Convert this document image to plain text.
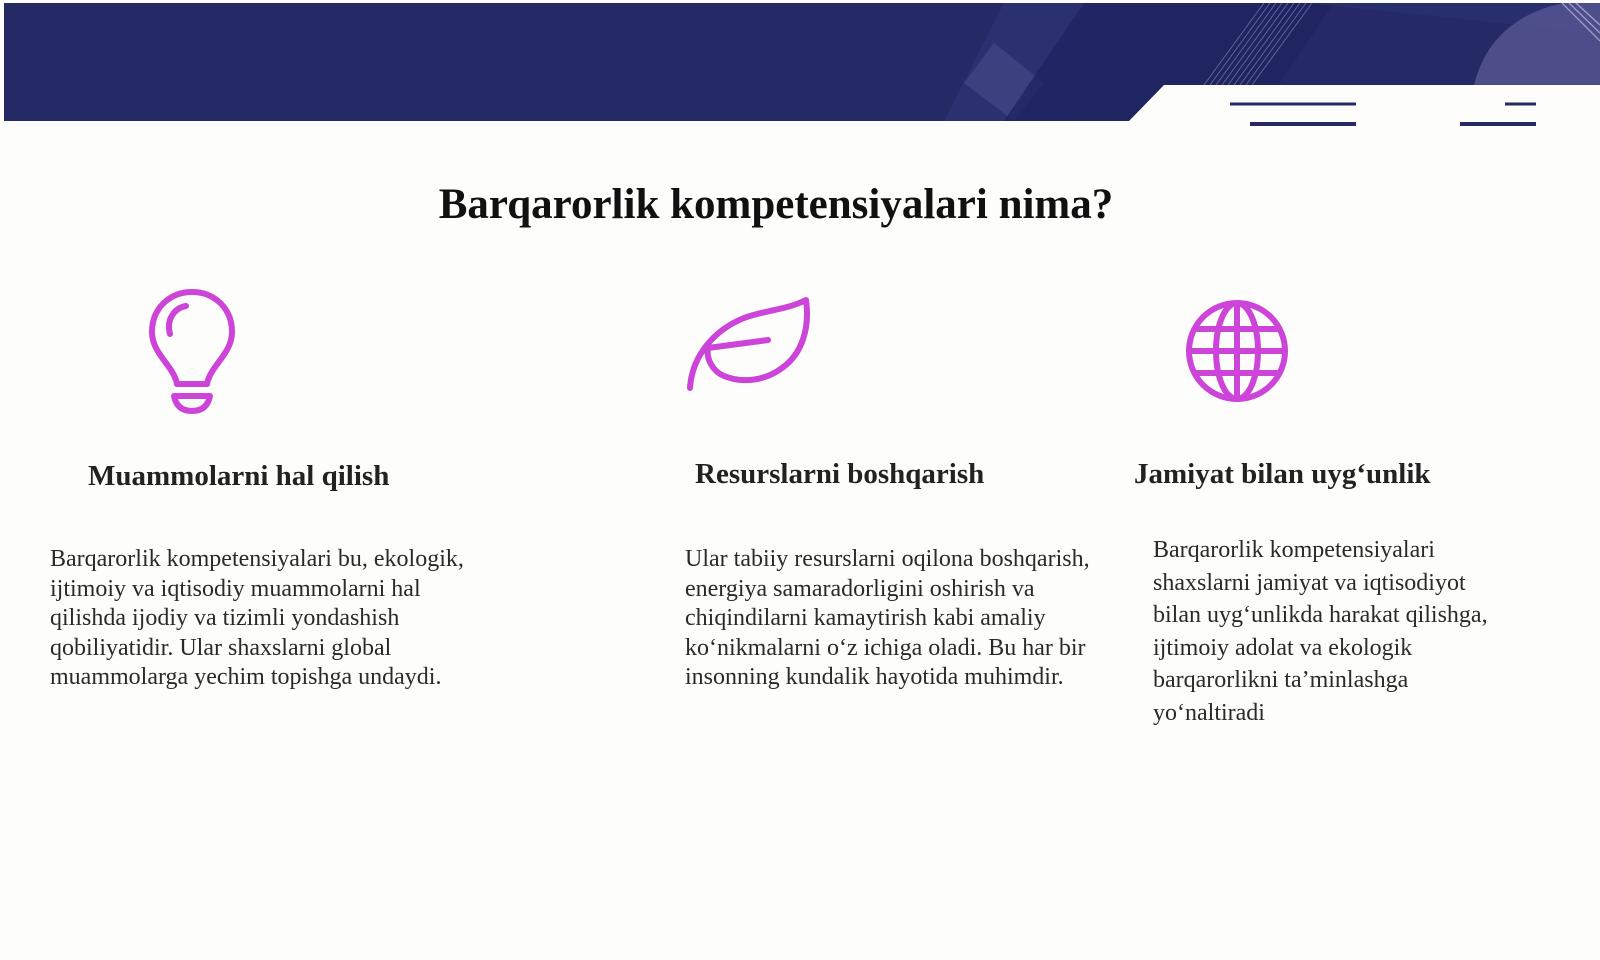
Barqarorlik kompetensiyalari nima?
Muammolarni hal qilish	Resurslarni boshqarish	Jamiyat bilan uyg‘unlik

Barqarorlik kompetensiyalari bu, ekologik, ijtimoiy va iqtisodiy muammolarni hal qilishda ijodiy va tizimli yondashish qobiliyatidir. Ular shaxslarni global muammolarga yechim topishga undaydi.

Ular tabiiy resurslarni oqilona boshqarish, energiya samaradorligini oshirish va chiqindilarni kamaytirish kabi amaliy ko‘nikmalarni o‘z ichiga oladi. Bu har bir insonning kundalik hayotida muhimdir.

Barqarorlik kompetensiyalari shaxslarni jamiyat va iqtisodiyot bilan uyg‘unlikda harakat qilishga, ijtimoiy adolat va ekologik barqarorlikni ta’minlashga yo‘naltiradi
